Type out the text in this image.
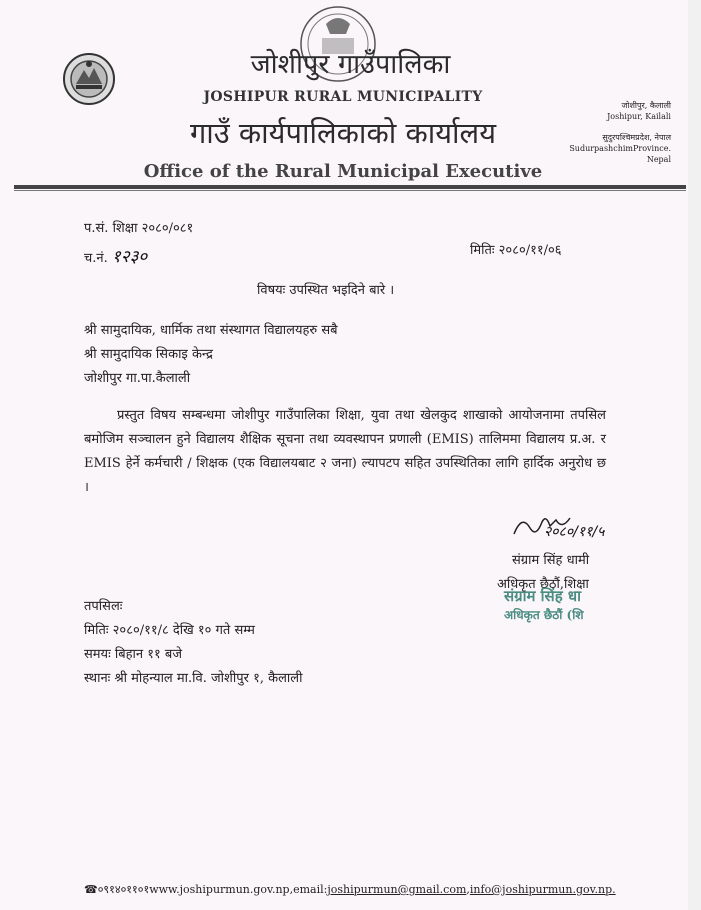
जोशीपुर गाउँपालिका
JOSHIPUR RURAL MUNICIPALITY
गाउँ कार्यपालिकाको कार्यालय
Office of the Rural Municipal Executive
जोशीपुर, कैलाली
Joshipur, Kailali
सुदुरपश्चिमप्रदेश, नेपाल
SudurpashchimProvince.
Nepal
प.सं. शिक्षा २०८०/०८१
च.नं. १२३०	मितिः २०८०/११/०६
विषयः उपस्थित भइदिने बारे ।
श्री सामुदायिक, धार्मिक तथा संस्थागत विद्यालयहरु सबै
श्री सामुदायिक सिकाइ केन्द्र
जोशीपुर गा.पा.कैलाली
प्रस्तुत विषय सम्बन्धमा जोशीपुर गाउँपालिका शिक्षा, युवा तथा खेलकुद शाखाको आयोजनामा तपसिल बमोजिम सञ्चालन हुने विद्यालय शैक्षिक सूचना तथा व्यवस्थापन प्रणाली (EMIS) तालिममा विद्यालय प्र.अ. र EMIS हेर्ने कर्मचारी / शिक्षक (एक विद्यालयबाट २ जना) ल्यापटप सहित उपस्थितिका लागि हार्दिक अनुरोध छ ।
२०८०/११/५
संग्राम सिंह धामी
अधिकृत छैठौं,शिक्षा
संग्राम सिंह धा
अधिकृत छैठौं (शि
तपसिलः
मितिः २०८०/११/८ देखि १० गते सम्म
समयः बिहान ११ बजे
स्थानः श्री मोहन्याल मा.वि. जोशीपुर १, कैलाली
☎०९१४०११०१www.joshipurmun.gov.np,email:joshipurmun@gmail.com,info@joshipurmun.gov.np.
